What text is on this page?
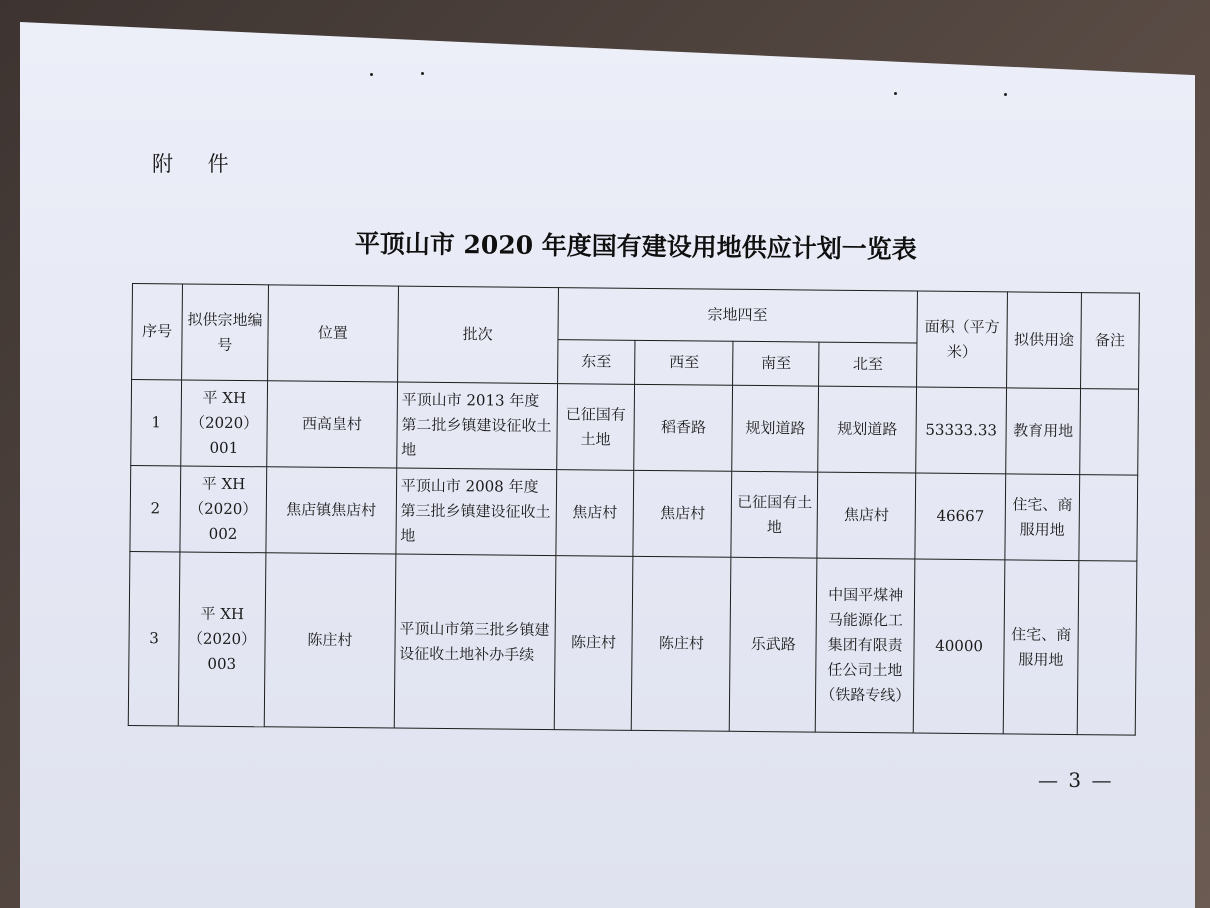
附 件
平顶山市 2020 年度国有建设用地供应计划一览表
序号	拟供宗地编号	位置	批次	宗地四至				面积（平方米）	拟供用途	备注
				东至	西至	南至	北至			
1	平 XH（2020）001	西高皇村	平顶山市 2013 年度第二批乡镇建设征收土地	已征国有土地	稻香路	规划道路	规划道路	53333.33	教育用地	
2	平 XH（2020）002	焦店镇焦店村	平顶山市 2008 年度第三批乡镇建设征收土地	焦店村	焦店村	已征国有土地	焦店村	46667	住宅、商服用地	
3	平 XH（2020）003	陈庄村	平顶山市第三批乡镇建设征收土地补办手续	陈庄村	陈庄村	乐武路	中国平煤神马能源化工集团有限责任公司土地（铁路专线）	40000	住宅、商服用地	
— 3 —
